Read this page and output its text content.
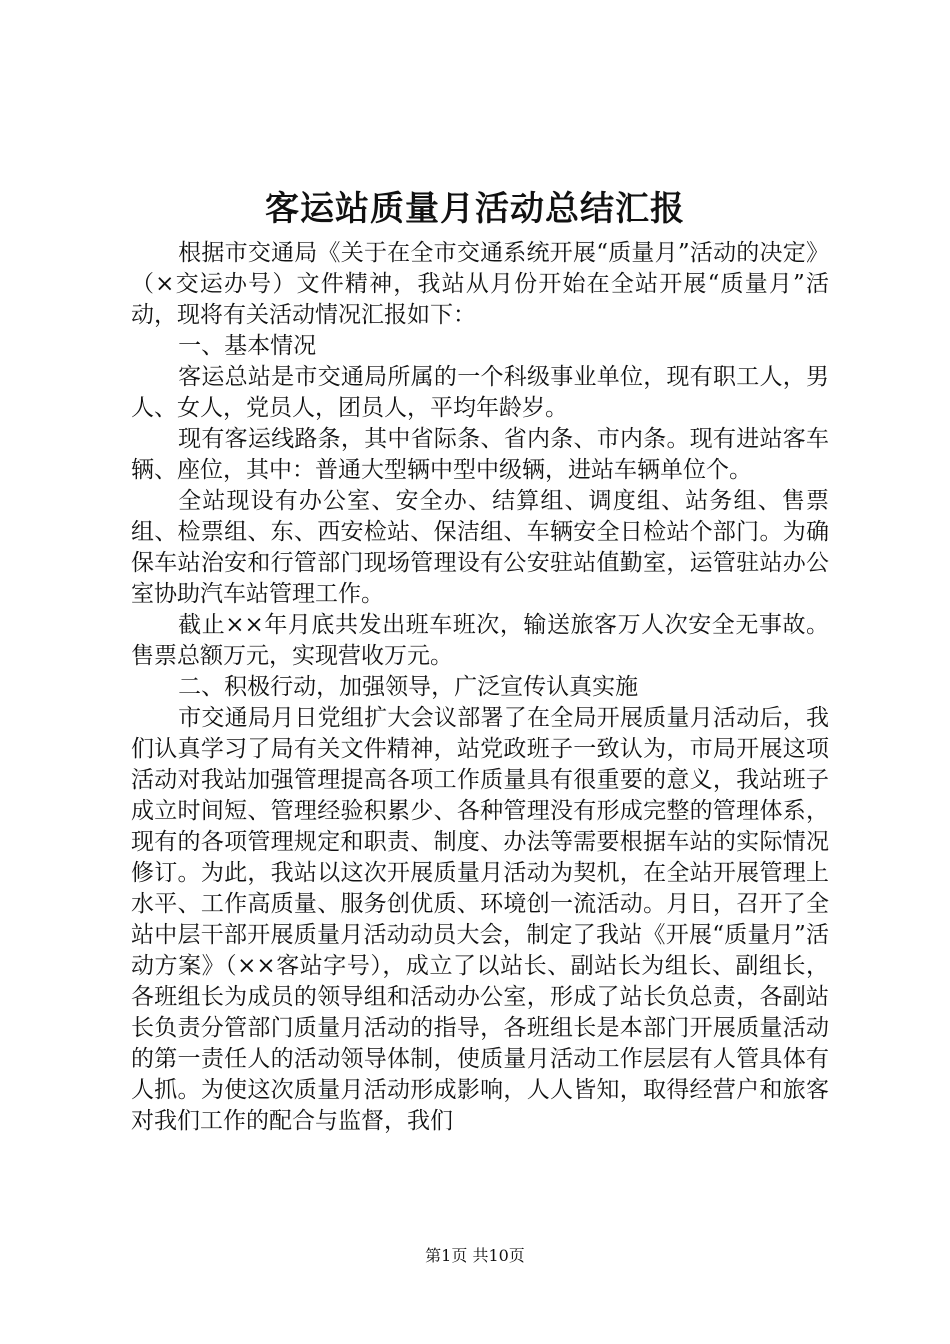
客运站质量月活动总结汇报

根据市交通局《关于在全市交通系统开展“质量月”活动的决定》（×交运办号）文件精神，我站从月份开始在全站开展“质量月”活动，现将有关活动情况汇报如下：

一、基本情况

客运总站是市交通局所属的一个科级事业单位，现有职工人，男人、女人，党员人，团员人，平均年龄岁。

现有客运线路条，其中省际条、省内条、市内条。现有进站客车辆、座位，其中：普通大型辆中型中级辆，进站车辆单位个。

全站现设有办公室、安全办、结算组、调度组、站务组、售票组、检票组、东、西安检站、保洁组、车辆安全日检站个部门。为确保车站治安和行管部门现场管理设有公安驻站值勤室，运管驻站办公室协助汽车站管理工作。

截止××年月底共发出班车班次，输送旅客万人次安全无事故。售票总额万元，实现营收万元。

二、积极行动，加强领导，广泛宣传认真实施

市交通局月日党组扩大会议部署了在全局开展质量月活动后，我们认真学习了局有关文件精神，站党政班子一致认为，市局开展这项活动对我站加强管理提高各项工作质量具有很重要的意义，我站班子成立时间短、管理经验积累少、各种管理没有形成完整的管理体系，现有的各项管理规定和职责、制度、办法等需要根据车站的实际情况修订。为此，我站以这次开展质量月活动为契机，在全站开展管理上水平、工作高质量、服务创优质、环境创一流活动。月日，召开了全站中层干部开展质量月活动动员大会，制定了我站《开展“质量月”活动方案》（××客站字号），成立了以站长、副站长为组长、副组长，各班组长为成员的领导组和活动办公室，形成了站长负总责，各副站长负责分管部门质量月活动的指导，各班组长是本部门开展质量活动的第一责任人的活动领导体制，使质量月活动工作层层有人管具体有人抓。为使这次质量月活动形成影响，人人皆知，取得经营户和旅客对我们工作的配合与监督，我们

第1页 共10页
